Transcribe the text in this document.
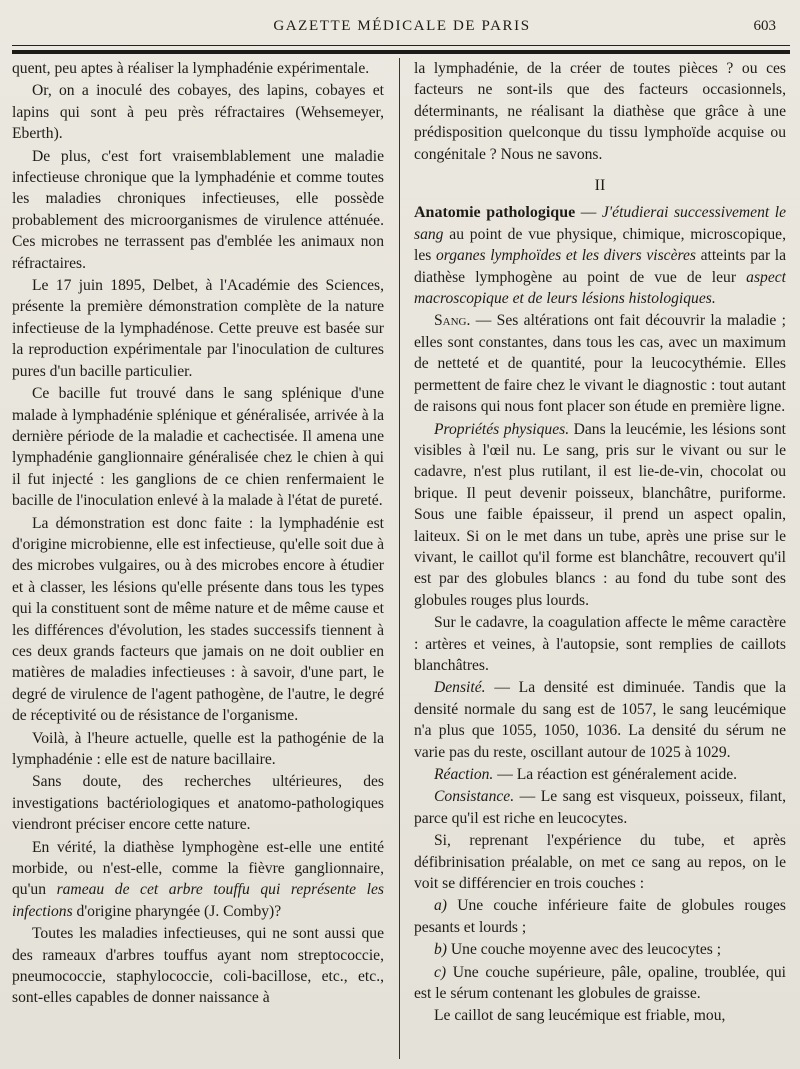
GAZETTE MÉDICALE DE PARIS	603

quent, peu aptes à réaliser la lymphadénie expérimentale.

Or, on a inoculé des cobayes, des lapins, cobayes et lapins qui sont à peu près réfractaires (Wehsemeyer, Eberth).

De plus, c'est fort vraisemblablement une maladie infectieuse chronique que la lymphadénie et comme toutes les maladies chroniques infectieuses, elle possède probablement des microorganismes de virulence atténuée. Ces microbes ne terrassent pas d'emblée les animaux non réfractaires.

Le 17 juin 1895, Delbet, à l'Académie des Sciences, présente la première démonstration complète de la nature infectieuse de la lymphadénose. Cette preuve est basée sur la reproduction expérimentale par l'inoculation de cultures pures d'un bacille particulier.

Ce bacille fut trouvé dans le sang splénique d'une malade à lymphadénie splénique et généralisée, arrivée à la dernière période de la maladie et cachectisée. Il amena une lymphadénie ganglionnaire généralisée chez le chien à qui il fut injecté : les ganglions de ce chien renfermaient le bacille de l'inoculation enlevé à la malade à l'état de pureté.

La démonstration est donc faite : la lymphadénie est d'origine microbienne, elle est infectieuse, qu'elle soit due à des microbes vulgaires, ou à des microbes encore à étudier et à classer, les lésions qu'elle présente dans tous les types qui la constituent sont de même nature et de même cause et les différences d'évolution, les stades successifs tiennent à ces deux grands facteurs que jamais on ne doit oublier en matières de maladies infectieuses : à savoir, d'une part, le degré de virulence de l'agent pathogène, de l'autre, le degré de réceptivité ou de résistance de l'organisme.

Voilà, à l'heure actuelle, quelle est la pathogénie de la lymphadénie : elle est de nature bacillaire.

Sans doute, des recherches ultérieures, des investigations bactériologiques et anatomo-pathologiques viendront préciser encore cette nature.

En vérité, la diathèse lymphogène est-elle une entité morbide, ou n'est-elle, comme la fièvre ganglionnaire, qu'un rameau de cet arbre touffu qui représente les infections d'origine pharyngée (J. Comby)?

Toutes les maladies infectieuses, qui ne sont aussi que des rameaux d'arbres touffus ayant nom streptococcie, pneumococcie, staphylococcie, coli-bacillose, etc., etc., sont-elles capables de donner naissance à

la lymphadénie, de la créer de toutes pièces ? ou ces facteurs ne sont-ils que des facteurs occasionnels, déterminants, ne réalisant la diathèse que grâce à une prédisposition quelconque du tissu lymphoïde acquise ou congénitale ? Nous ne savons.

II

Anatomie pathologique — J'étudierai successivement le sang au point de vue physique, chimique, microscopique, les organes lymphoïdes et les divers viscères atteints par la diathèse lymphogène au point de vue de leur aspect macroscopique et de leurs lésions histologiques.

Sang. — Ses altérations ont fait découvrir la maladie ; elles sont constantes, dans tous les cas, avec un maximum de netteté et de quantité, pour la leucocythémie. Elles permettent de faire chez le vivant le diagnostic : tout autant de raisons qui nous font placer son étude en première ligne.

Propriétés physiques. Dans la leucémie, les lésions sont visibles à l'œil nu. Le sang, pris sur le vivant ou sur le cadavre, n'est plus rutilant, il est lie-de-vin, chocolat ou brique. Il peut devenir poisseux, blanchâtre, puriforme. Sous une faible épaisseur, il prend un aspect opalin, laiteux. Si on le met dans un tube, après une prise sur le vivant, le caillot qu'il forme est blanchâtre, recouvert qu'il est par des globules blancs : au fond du tube sont des globules rouges plus lourds.

Sur le cadavre, la coagulation affecte le même caractère : artères et veines, à l'autopsie, sont remplies de caillots blanchâtres.

Densité. — La densité est diminuée. Tandis que la densité normale du sang est de 1057, le sang leucémique n'a plus que 1055, 1050, 1036. La densité du sérum ne varie pas du reste, oscillant autour de 1025 à 1029.

Réaction. — La réaction est généralement acide.

Consistance. — Le sang est visqueux, poisseux, filant, parce qu'il est riche en leucocytes.

Si, reprenant l'expérience du tube, et après défibrinisation préalable, on met ce sang au repos, on le voit se différencier en trois couches :

a) Une couche inférieure faite de globules rouges pesants et lourds ;

b) Une couche moyenne avec des leucocytes ;

c) Une couche supérieure, pâle, opaline, troublée, qui est le sérum contenant les globules de graisse.

Le caillot de sang leucémique est friable, mou,
